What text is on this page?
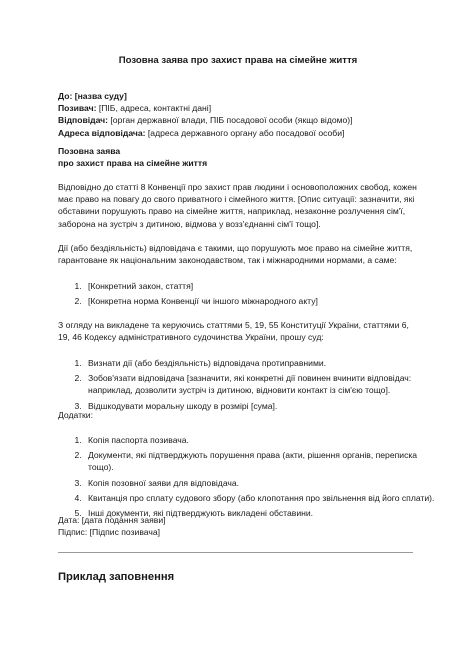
Позовна заява про захист права на сімейне життя
До: [назва суду]
Позивач: [ПІБ, адреса, контактні дані]
Відповідач: [орган державної влади, ПІБ посадової особи (якщо відомо)]
Адреса відповідача: [адреса державного органу або посадової особи]
Позовна заява
про захист права на сімейне життя
Відповідно до статті 8 Конвенції про захист прав людини і основоположних свобод, кожен має право на повагу до свого приватного і сімейного життя. [Опис ситуації: зазначити, які обставини порушують право на сімейне життя, наприклад, незаконне розлучення сім'ї, заборона на зустріч з дитиною, відмова у возз'єднанні сім'ї тощо].
Дії (або бездіяльність) відповідача є такими, що порушують моє право на сімейне життя, гарантоване як національним законодавством, так і міжнародними нормами, а саме:
1. [Конкретний закон, стаття]
2. [Конкретна норма Конвенції чи іншого міжнародного акту]
З огляду на викладене та керуючись статтями 5, 19, 55 Конституції України, статтями 6, 19, 46 Кодексу адміністративного судочинства України, прошу суд:
1. Визнати дії (або бездіяльність) відповідача протиправними.
2. Зобов'язати відповідача [зазначити, які конкретні дії повинен вчинити відповідач: наприклад, дозволити зустріч із дитиною, відновити контакт із сім'єю тощо].
3. Відшкодувати моральну шкоду в розмірі [сума].
Додатки:
1. Копія паспорта позивача.
2. Документи, які підтверджують порушення права (акти, рішення органів, переписка тощо).
3. Копія позовної заяви для відповідача.
4. Квитанція про сплату судового збору (або клопотання про звільнення від його сплати).
5. Інші документи, які підтверджують викладені обставини.
Дата: [дата подання заяви]
Підпис: [Підпис позивача]
Приклад заповнення
